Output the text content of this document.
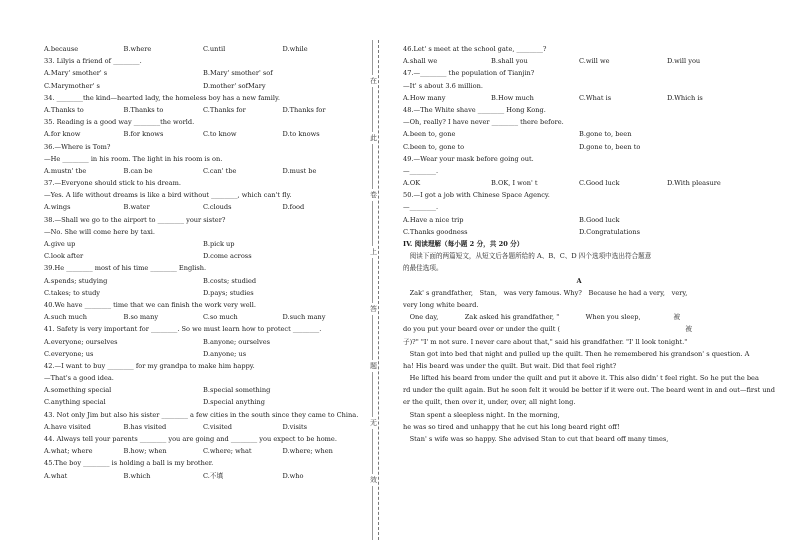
A.because	B.where	C.until	D.while
33. Lilyis a friend of ________.
A.Mary' smother' s	B.Mary' smother' sof
C.Marymother' s	D.mother' sofMary
34. ________the kind—hearted lady, the homeless boy has a new family.
A.Thanks to	B.Thanks to	C.Thanks for	D.Thanks for
35. Reading is a good way ________the world.
A.for know	B.for knows	C.to know	D.to knows
36.—Where is Tom?
—He ________ in his room. The light in his room is on.
A.mustn' tbe	B.can be	C.can' tbe	D.must be
37.—Everyone should stick to his dream.
—Yes. A life without dreams is like a bird without ________, which can't fly.
A.wings	B.water	C.clouds	D.food
38.—Shall we go to the airport to ________ your sister?
—No. She will come here by taxi.
A.give up	B.pick up
C.look after	D.come across
39.He ________ most of his time ________ English.
A.spends; studying	B.costs; studied
C.takes; to study	D.pays; studies
40.We have ________ time that we can finish the work very well.
A.such much	B.so many	C.so much	D.such many
41. Safety is very important for ________. So we must learn how to protect ________.
A.everyone; ourselves	B.anyone; ourselves
C.everyone; us	D.anyone; us
42.—I want to buy ________ for my grandpa to make him happy.
—That's a good idea.
A.something special	B.special something
C.anything special	D.special anything
43. Not only Jim but also his sister ________ a few cities in the south since they came to China.
A.have visited	B.has visited	C.visited	D.visits
44. Always tell your parents ________ you are going and ________ you expect to be home.
A.what; where	B.how; when	C.where; what	D.where; when
45.The boy ________ is holding a ball is my brother.
A.what	B.which	C.不填	D.who
在
此
卷
上
答
题
无
效
46.Let' s meet at the school gate, ________?
A.shall we	B.shall you	C.will we	D.will you
47.—________ the population of Tianjin?
—It' s about 3.6 million.
A.How many	B.How much	C.What is	D.Which is
48.—The White shave ________ Hong Kong.
—Oh, really? I have never ________ there before.
A.been to, gone	B.gone to, been
C.been to, gone to	D.gone to, been to
49.—Wear your mask before going out.
—________.
A.OK	B.OK, I won' t	C.Good luck	D.With pleasure
50.—I got a job with Chinese Space Agency.
—________.
A.Have a nice trip	B.Good luck
C.Thanks goodness	D.Congratulations
IV. 阅读理解（每小题 2 分，共 20 分）
　阅读下面的两篇短文，从短文后各题所给的 A、B、C、D 四个选项中选出符合题意
的最佳选项。
A
　Zak' s grandfather,　Stan,　was very famous. Why?　Because he had a very,　very,
very long white beard.
　One day,　　　　Zak asked his grandfather, "　　　　When you sleep,　　　　　被
do you put your beard over or under the quilt (　　　　　　　　　　　　　　　　　　　被
子)?" "I' m not sure. I never care about that," said his grandfather. "I' ll look tonight."
　Stan got into bed that night and pulled up the quilt. Then he remembered his grandson' s question. A
ha! His beard was under the quilt. But wait. Did that feel right?
　He lifted his beard from under the quilt and put it above it. This also didn' t feel right. So he put the bea
rd under the quilt again. But he soon felt it would be better if it were out. The beard went in and out—first und
er the quilt, then over it, under, over, all night long.
　Stan spent a sleepless night. In the morning,
he was so tired and unhappy that he cut his long beard right off!
　Stan' s wife was so happy. She advised Stan to cut that beard off many times,
